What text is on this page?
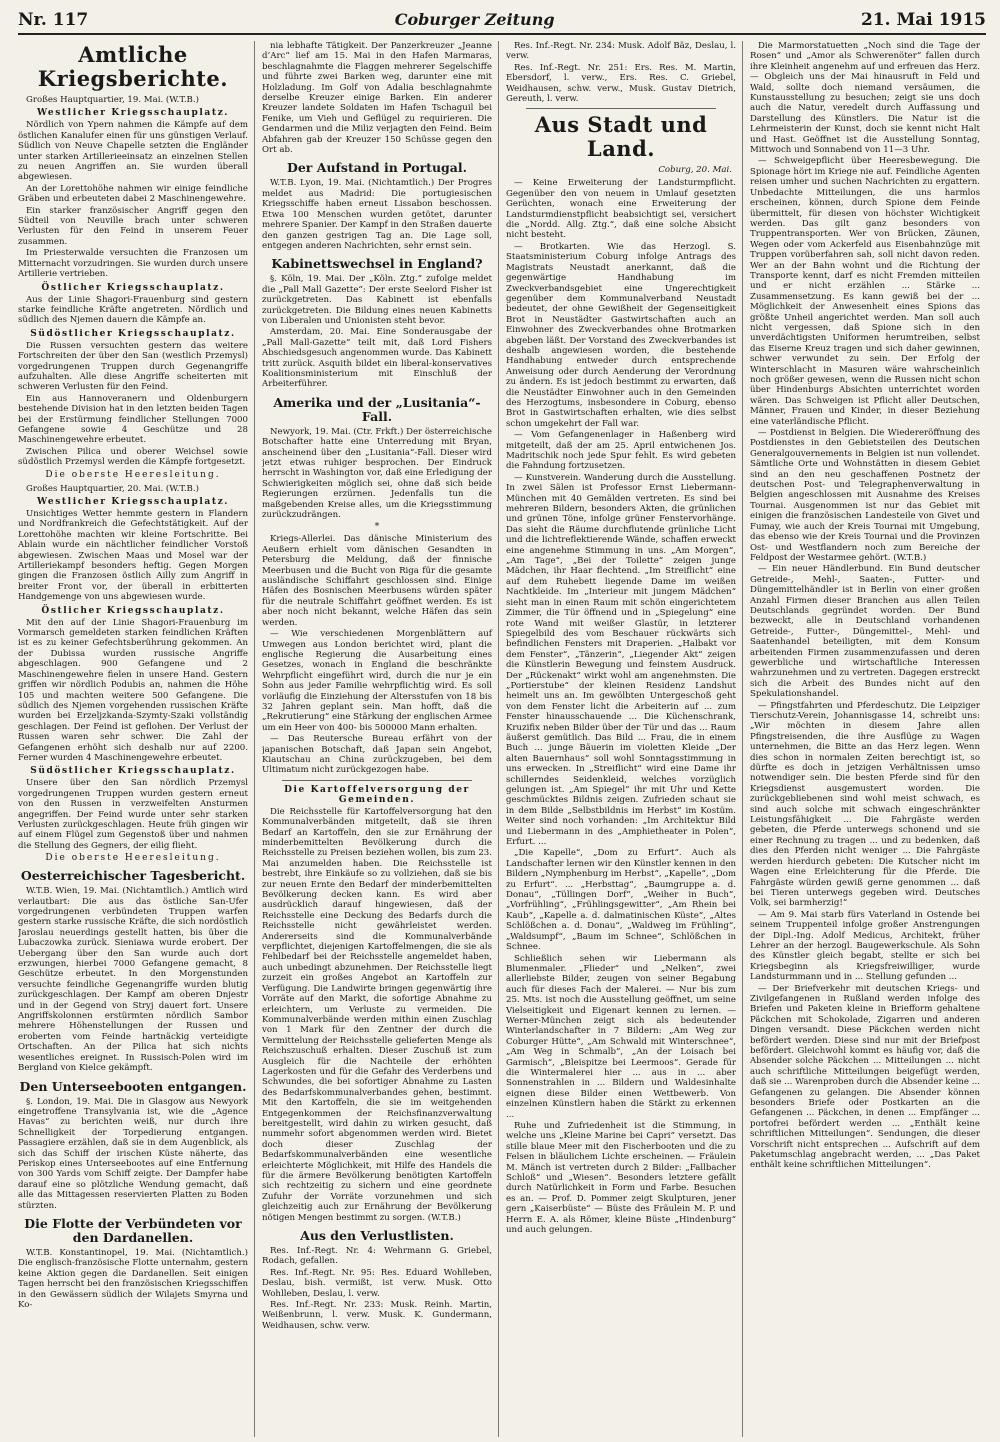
Nr. 117	Coburger Zeitung	21. Mai 1915
Amtliche Kriegsberichte.

Großes Hauptquartier, 19. Mai. (W.T.B.)

Westlicher Kriegsschauplatz.

Nördlich von Ypern nahmen die Kämpfe auf dem östlichen Kanalufer einen für uns günstigen Verlauf. Südlich von Neuve Chapelle setzten die Engländer unter starken Artillerieeinsatz an einzelnen Stellen zu neuen Angriffen an. Sie wurden überall abgewiesen.

An der Lorettohöhe nahmen wir einige feindliche Gräben und erbeuteten dabei 2 Maschinengewehre.

Ein starker französischer Angriff gegen den Südteil von Neuville brach unter schweren Verlusten für den Feind in unserem Feuer zusammen.

Im Priesterwalde versuchten die Franzosen um Mitternacht vorzudringen. Sie wurden durch unsere Artillerie vertrieben.

Östlicher Kriegsschauplatz.

Aus der Linie Shagori-Frauenburg sind gestern starke feindliche Kräfte angetreten. Nördlich und südlich des Njemen dauern die Kämpfe an.

Südöstlicher Kriegsschauplatz.

Die Russen versuchten gestern das weitere Fortschreiten der über den San (westlich Przemysl) vorgedrungenen Truppen durch Gegenangriffe aufzuhalten. Alle diese Angriffe scheiterten mit schweren Verlusten für den Feind.

Ein aus Hannoveranern und Oldenburgern bestehende Division hat in den letzten beiden Tagen bei der Erstürmung feindlicher Stellungen 7000 Gefangene sowie 4 Geschütze und 28 Maschinengewehre erbeutet.

Zwischen Pilica und oberer Weichsel sowie südöstlich Przemysl werden die Kämpfe fortgesetzt.

Die oberste Heeresleitung.

Großes Hauptquartier, 20. Mai. (W.T.B.)

Westlicher Kriegsschauplatz.

Unsichtiges Wetter hemmte gestern in Flandern und Nordfrankreich die Gefechtstätigkeit. Auf der Lorettohöhe machten wir kleine Fortschritte. Bei Ablain wurde ein nächtlicher feindlicher Vorstoß abgewiesen. Zwischen Maas und Mosel war der Artilleriekampf besonders heftig. Gegen Morgen gingen die Franzosen östlich Ailly zum Angriff in breiter Front vor, der überall in erbitterten Handgemenge von uns abgewiesen wurde.

Östlicher Kriegsschauplatz.

Mit den auf der Linie Shagori-Frauenburg im Vormarsch gemeldeten starken feindlichen Kräften ist es zu keiner Gefechtsberührung gekommen. An der Dubissa wurden russische Angriffe abgeschlagen. 900 Gefangene und 2 Maschinengewehre fielen in unsere Hand. Gestern griffen wir nördlich Podubis an, nahmen die Höhe 105 und machten weitere 500 Gefangene. Die südlich des Njemen vorgehenden russischen Kräfte wurden bei Erzeljzkanda-Szymty-Szaki vollständig geschlagen. Der Feind ist geflohen. Der Verlust der Russen waren sehr schwer. Die Zahl der Gefangenen erhöht sich deshalb nur auf 2200. Ferner wurden 4 Maschinengewehre erbeutet.

Südöstlicher Kriegsschauplatz.

Unsere über den San nördlich Przemysl vorgedrungenen Truppen wurden gestern erneut von den Russen in verzweifelten Ansturmen angegriffen. Der Feind wurde unter sehr starken Verlusten zurückgeschlagen. Heute früh gingen wir auf einem Flügel zum Gegenstoß über und nahmen die Stellung des Gegners, der eilig flieht.

Die oberste Heeresleitung.
Oesterreichischer Tagesbericht.

W.T.B. Wien, 19. Mai. (Nichtamtlich.) Amtlich wird verlautbart: Die aus das östliche San-Ufer vorgedrungenen verbündeten Truppen warfen gestern starke russische Kräfte, die sich nordöstlich Jaroslau neuerdings gestellt hatten, bis über die Lubaczowka zurück. Sieniawa wurde erobert. Der Uebergang über den San wurde auch dort erzwungen, hierbei 7000 Gefangene gemacht, 8 Geschütze erbeutet. In den Morgenstunden versuchte feindliche Gegenangriffe wurden blutig zurückgeschlagen. Der Kampf am oberen Dnjestr und in der Gegend von Stryj dauert fort. Unsere Angriffskolonnen erstürmten nördlich Sambor mehrere Höhenstellungen der Russen und eroberten vom Feinde hartnäckig verteidigte Ortschaften. An der Pilica hat sich nichts wesentliches ereignet. In Russisch-Polen wird im Bergland von Kielce gekämpft.

Den Unterseebooten entgangen.

§. London, 19. Mai. Die in Glasgow aus Newyork eingetroffene Transylvania ist, wie die „Agence Havas“ zu berichten weiß, nur durch ihre Schnelligkeit der Torpedierung entgangen. Passagiere erzählen, daß sie in dem Augenblick, als sich das Schiff der irischen Küste näherte, das Periskop eines Unterseebootes auf eine Entfernung von 300 Yards vom Schiff zeigte. Der Dampfer habe darauf eine so plötzliche Wendung gemacht, daß alle das Mittagessen reservierten Platten zu Boden stürzten.

Die Flotte der Verbündeten vor den Dardanellen.

W.T.B. Konstantinopel, 19. Mai. (Nichtamtlich.) Die englisch-französische Flotte unternahm, gestern keine Aktion gegen die Dardanellen. Seit einigen Tagen herrscht bei den französischen Kriegsschiffen in den Gewässern südlich der Wilajets Smyrna und Ko-

nia lebhafte Tätigkeit. Der Panzerkreuzer „Jeanne d’Arc“ lief am 15. Mai in den Hafen Marmaras, beschlagnahmte die Flaggen mehrerer Segelschiffe und führte zwei Barken weg, darunter eine mit Holzladung. Im Golf von Adalia beschlagnahmte derselbe Kreuzer einige Barken. Ein anderer Kreuzer landete Soldaten im Hafen Tschaguil bei Fenike, um Vieh und Geflügel zu requirieren. Die Gendarmen und die Miliz verjagten den Feind. Beim Abfahren gab der Kreuzer 150 Schüsse gegen den Ort ab.

Der Aufstand in Portugal.

W.T.B. Lyon, 19. Mai. (Nichtamtlich.) Der Progres meldet aus Madrid: Die portugiesischen Kriegsschiffe haben erneut Lissabon beschossen. Etwa 100 Menschen wurden getötet, darunter mehrere Spanier. Der Kampf in den Straßen dauerte den ganzen gestrigen Tag an. Die Lage soll, entgegen anderen Nachrichten, sehr ernst sein.

Kabinettswechsel in England?

§. Köln, 19. Mai. Der „Köln. Ztg.“ zufolge meldet die „Pall Mall Gazette“: Der erste Seelord Fisher ist zurückgetreten. Das Kabinett ist ebenfalls zurückgetreten. Die Bildung eines neuen Kabinetts von Liberalen und Unionisten steht bevor.

Amsterdam, 20. Mai. Eine Sonderausgabe der „Pall Mall-Gazette“ teilt mit, daß Lord Fishers Abschiedsgesuch angenommen wurde. Das Kabinett tritt zurück. Asquith bildet ein liberal-konservatives Koalitionsministerium mit Einschluß der Arbeiterführer.

Amerika und der „Lusitania“-Fall.

Newyork, 19. Mai. (Ctr. Frkft.) Der österreichische Botschafter hatte eine Unterredung mit Bryan, anscheinend über den „Lusitania“-Fall. Dieser wird jetzt etwas ruhiger besprochen. Der Eindruck herrscht in Washington vor, daß eine Erledigung der Schwierigkeiten möglich sei, ohne daß sich beide Regierungen erzürnen. Jedenfalls tun die maßgebenden Kreise alles, um die Kriegsstimmung zurückzudrängen.

*

Kriegs-Allerlei. Das dänische Ministerium des Aeußern erhielt vom dänischen Gesandten in Petersburg die Meldung, daß der finnische Meerbusen und die Bucht von Riga für die gesamte ausländische Schiffahrt geschlossen sind. Einige Häfen des Bosnischen Meerbusens würden später für die neutrale Schiffahrt geöffnet werden. Es ist aber noch nicht bekannt, welche Häfen das sein werden.

— Wie verschiedenen Morgenblättern auf Umwegen aus London berichtet wird, plant die englische Regierung die Ausarbeitung eines Gesetzes, wonach in England die beschränkte Wehrpflicht eingeführt wird, durch die nur je ein Sohn aus jeder Familie wehrpflichtig wird. Es soll vorläufig die Einziehung der Altersstufen von 18 bis 32 Jahren geplant sein. Man hofft, daß die „Rekrutierung“ eine Stärkung der englischen Armee um ein Heer von 400- bis 500000 Mann erhalten.

— Das Reutersche Bureau erfährt von der japanischen Botschaft, daß Japan sein Angebot, Kiautschau an China zurückzugeben, bei dem Ultimatum nicht zurückgezogen habe.

Die Kartoffelversorgung der Gemeinden.

Die Reichsstelle für Kartoffelversorgung hat den Kommunalverbänden mitgeteilt, daß sie ihren Bedarf an Kartoffeln, den sie zur Ernährung der minderbemittelten Bevölkerung durch die Reichsstelle zu Preisen beziehen wollen, bis zum 23. Mai anzumelden haben. Die Reichsstelle ist bestrebt, ihre Einkäufe so zu vollziehen, daß sie bis zur neuen Ernte den Bedarf der minderbemittelten Bevölkerung decken kann. Es wird aber ausdrücklich darauf hingewiesen, daß der Reichsstelle eine Deckung des Bedarfs durch die Reichsstelle nicht gewährleistet werden. Andererseits sind die Kommunalverbände verpflichtet, diejenigen Kartoffelmengen, die sie als Fehlbedarf bei der Reichsstelle angemeldet haben, auch unbedingt abzunehmen. Der Reichsstelle liegt zurzeit ein großes Angebot an Kartoffeln zur Verfügung. Die Landwirte bringen gegenwärtig ihre Vorräte auf den Markt, die sofortige Abnahme zu erleichtern, um Verluste zu vermeiden. Die Kommunalverbände werden mithin einen Zuschlag von 1 Mark für den Zentner der durch die Vermittelung der Reichsstelle gelieferten Menge als Reichszuschuß erhalten. Dieser Zuschuß ist zum Ausgleich für die Nachteile der erhöhten Lagerkosten und für die Gefahr des Verderbens und Schwundes, die bei sofortiger Abnahme zu Lasten des Bedarfskommunalverbandes gehen, bestimmt. Mit den Kartoffeln, die sie im weitgehenden Entgegenkommen der Reichsfinanzverwaltung bereitgestellt, wird dahin zu wirken gesucht, daß nummehr sofort abgenommen werden wird. Bietet doch dieser Zuschlag der Bedarfskommunalverbänden eine wesentliche erleichterte Möglichkeit, mit Hilfe des Handels die für die ärmere Bevölkerung benötigten Kartoffeln sich rechtzeitig zu sichern und eine geordnete Zufuhr der Vorräte vorzunehmen und sich gleichzeitig auch zur Ernährung der Bevölkerung nötigen Mengen bestimmt zu sorgen. (W.T.B.)

Aus den Verlustlisten.

Res. Inf.-Regt. Nr. 4: Wehrmann G. Griebel, Rodach, gefallen.

Res. Inf.-Regt. Nr. 95: Res. Eduard Wohlleben, Deslau, bish. vermißt, ist verw. Musk. Otto Wohlleben, Deslau, l. verw.

Res. Inf.-Regt. Nr. 233: Musk. Reinh. Martin, Weißenbrunn, l. verw. Musk. K. Gundermann, Weidhausen, schw. verw.

Res. Inf.-Regt. Nr. 234: Musk. Adolf Bäz, Deslau, l. verw.

Res. Inf.-Regt. Nr. 251: Ers. Res. M. Martin, Ebersdorf, l. verw., Ers. Res. C. Griebel, Weidhausen, schw. verw., Musk. Gustav Dietrich, Gereuth, l. verw.

Aus Stadt und Land.
Coburg, 20. Mai.

— Keine Erweiterung der Landsturmpflicht. Gegenüber den von neuem in Umlauf gesetzten Gerüchten, wonach eine Erweiterung der Landsturmdienstpflicht beabsichtigt sei, versichert die „Nordd. Allg. Ztg.“, daß eine solche Absicht nicht besteht.

— Brotkarten. Wie das Herzogl. S. Staatsministerium Coburg infolge Antrags des Magistrats Neustadt anerkannt, daß die gegenwärtige Handhabung im Zweckverbandsgebiet eine Ungerechtigkeit gegenüber dem Kommunalverband Neustadt bedeutet, der ohne Gewißheit der Gegenseitigkeit Brot in Neustädter Gastwirtschaften auch an Einwohner des Zweckverbandes ohne Brotmarken abgeben läßt. Der Vorstand des Zweckverbandes ist deshalb angewiesen worden, die bestehende Handhabung entweder durch entsprechende Anweisung oder durch Aenderung der Verordnung zu ändern. Es ist jedoch bestimmt zu erwarten, daß die Neustädter Einwohner auch in den Gemeinden des Herzogtums, insbesondere in Coburg, ebenso Brot in Gastwirtschaften erhalten, wie dies selbst schon umgekehrt der Fall war.

— Vom Gefangenenlager in Haßenberg wird mitgeteilt, daß der am 25. April entwichenen Jos. Madritschik noch jede Spur fehlt. Es wird gebeten die Fahndung fortzusetzen.

— Kunstverein. Wanderung durch die Ausstellung. In zwei Sälen ist Professor Ernst Liebermann-München mit 40 Gemälden vertreten. Es sind bei mehreren Bildern, besonders Akten, die grünlichen und grünen Töne, infolge grüner Fenstervorhänge. Das sieht die Räume durchflutende grünliche Licht und die lichtreflektierende Wände, schaffen erweckt eine angenehme Stimmung in uns. „Am Morgen“, „Am Tage“, „Bei der Toilette“ zeigen junge Mädchen, ihr Haar flechtend. „Im Streiflicht“ eine auf dem Ruhebett liegende Dame im weißen Nachtkleide. Im „Interieur mit jungem Mädchen“ sieht man in einen Raum mit schön eingerichtetem Zimmer, die Tür öffnend und in „Spiegelung“ eine rote Wand mit weißer Glastür, in letzterer Spiegelbild des vom Beschauer rückwärts sich befindlichen Fensters mit Draperien. „Halbakt vor dem Fenster“, „Tänzerin“, „Liegender Akt“ zeigen die Künstlerin Bewegung und feinstem Ausdruck. Der „Rückenakt“ wirkt wohl am angenehmsten. Die „Portierstube“ der kleinen Residenz Landshut heimelt uns an. Im gewölbten Untergeschoß geht von dem Fenster licht die Arbeiterin auf ... zum Fenster hinausschauende ... Die Küchenschrank, Kruzifix neben Bilder über der Tür und das ... Raum äußerst gemütlich. Das Bild ... Frau, die in einem Buch ... junge Bäuerin im violetten Kleide „Der alten Bauernhaus“ soll wohl Sonntagsstimmung in uns erwecken. In „Streiflicht“ wird eine Dame ihr schillerndes Seidenkleid, welches vorzüglich gelungen ist. „Am Spiegel“ ihr mit Uhr und Kette geschmücktes Bildnis zeigen. Zufrieden schaut sie in dem Bilde „Selbstbildnis im Herbst“ im Kostüm. Weiter sind noch vorhanden: „Im Architektur Bild und Liebermann in des „Amphietheater in Polen“, Erfurt. ...

„Die Kapelle“, „Dom zu Erfurt“. Auch als Landschafter lernen wir den Künstler kennen in den Bildern „Nymphenburg im Herbst“, „Kapelle“, „Dom zu Erfurt“. ... „Herbsttag“, „Baumgruppe a. d. Donau“, „Tüllingen Dorf“, „Weiher in Buch“, „Vorfrühling“, „Frühlingsgewitter“, „Am Rhein bei Kaub“, „Kapelle a. d. dalmatinischen Küste“, „Altes Schlößchen a. d. Donau“, „Waldweg im Frühling“, „Waldsumpf“, „Baum im Schnee“, Schlößchen in Schnee.

Schließlich sehen wir Liebermann als Blumenmaler. „Flieder“ und „Nelken“, zwei allerliebste Bilder, zeugen von seiner Begabung auch für dieses Fach der Malerei. — Nur bis zum 25. Mts. ist noch die Ausstellung geöffnet, um seine Vielseitigkeit und Eigenart kennen zu lernen. — Werner-München zeigt sich als bedeutender Winterlandschafter in 7 Bildern: „Am Weg zur Coburger Hütte“, „Am Schwald mit Winterschnee“, „Am Weg in Schmalb“, „An der Loisach bei Garmisch“, „Bleispitze bei Leermoos“. Gerade für die Wintermalerei hier ... aus in ... aber Sonnenstrahlen in ... Bildern und Waldesinhalte eignen diese Bilder einen Wettbewerb. Von einzelnen Künstlern haben die Stärkt zu erkennen ...

Ruhe und Zufriedenheit ist die Stimmung, in welche uns „Kleine Marine bei Capri“ versetzt. Das stille blaue Meer mit den Fischerbooten und die zu Felsen in bläulichem Lichte erscheinen. — Fräulein M. Mänch ist vertreten durch 2 Bilder: „Fallbacher Schloß“ und „Wiesen“. Besonders letztere gefällt durch Natürlichkeit in Form und Farbe. Besuchen es an. — Prof. D. Pommer zeigt Skulpturen, jener gern „Kaiserbüste“ — Büste des Fräulein M. P. und Herrn E. A. als Römer, kleine Büste „Hindenburg“ und auch gelungen.

Die Marmorstatuetten „Noch sind die Tage der Rosen“ und „Amor als Schwerenöter“ fallen durch ihre Kleinheit angenehm auf und erfreuen das Herz. — Obgleich uns der Mai hinausruft in Feld und Wald, sollte doch niemand versäumen, die Kunstausstellung zu besuchen; zeigt sie uns doch auch die Natur, veredelt durch Auffassung und Darstellung des Künstlers. Die Natur ist die Lehrmeisterin der Kunst, doch sie kennt nicht Halt und Hast. Geöffnet ist die Ausstellung Sonntag, Mittwoch und Sonnabend von 11—3 Uhr.

— Schweigepflicht über Heeresbewegung. Die Spionage hört im Kriege nie auf. Feindliche Agenten reisen umher und suchen Nachrichten zu ergattern. Unbedachte Mitteilungen, die uns harmlos erscheinen, können, durch Spione dem Feinde übermittelt, für diesen von höchster Wichtigkeit werden. Das gilt ganz besonders von Truppentransporten. Wer von Brücken, Zäunen, Wegen oder vom Ackerfeld aus Eisenbahnzüge mit Truppen vorüberfahren sah, soll nicht davon reden. Wer an der Bahn wohnt und die Richtung der Transporte kennt, darf es nicht Fremden mitteilen und er nicht erzählen ... Stärke ... Zusammensetzung. Es kann gewiß bei der ... Möglichkeit der Anwesenheit eines Spions das größte Unheil angerichtet werden. Man soll auch nicht vergessen, daß Spione sich in den unverdächtigsten Uniformen herumtreiben, selbst das Eiserne Kreuz tragen und sich daher gewinnen, schwer verwundet zu sein. Der Erfolg der Winterschlacht in Masuren wäre wahrscheinlich noch größer gewesen, wenn die Russen nicht schon über Hindenburgs Absichten unterrichtet worden wären. Das Schweigen ist Pflicht aller Deutschen, Männer, Frauen und Kinder, in dieser Beziehung eine vaterländische Pflicht.

— Postdienst in Belgien. Die Wiedereröffnung des Postdienstes in den Gebietsteilen des Deutschen Generalgouvernements in Belgien ist nun vollendet. Sämtliche Orte und Wohnstätten in diesem Gebiet sind an den neu geschaffenen Postnetz der deutschen Post- und Telegraphenverwaltung in Belgien angeschlossen mit Ausnahme des Kreises Tournai. Ausgenommen ist nur das Gebiet mit einigen die französischen Landesteile von Givet und Fumay, wie auch der Kreis Tournai mit Umgebung, das ebenso wie der Kreis Tournai und die Provinzen Ost- und Westflandern noch zum Bereiche der Feldpost der Westarmee gehört. (W.T.B.)

— Ein neuer Händlerbund. Ein Bund deutscher Getreide-, Mehl-, Saaten-, Futter- und Düngemittelhändler ist in Berlin von einer großen Anzahl Firmen dieser Branchen aus allen Teilen Deutschlands gegründet worden. Der Bund bezweckt, alle in Deutschland vorhandenen Getreide-, Futter-, Düngemittel-, Mehl- und Saatenhandel beteiligten, mit dem Konsum arbeitenden Firmen zusammenzufassen und deren gewerbliche und wirtschaftliche Interessen wahrzunehmen und zu vertreten. Dagegen erstreckt sich die Arbeit des Bundes nicht auf den Spekulationshandel.

— Pfingstfahrten und Pferdeschutz. Die Leipziger Tierschutz-Verein, Johannisgasse 14, schreibt uns: „Wir möchten in diesem Jahre allen Pfingstreisenden, die ihre Ausflüge zu Wagen unternehmen, die Bitte an das Herz legen. Wenn dies schon in normalen Zeiten berechtigt ist, so dürfte es doch in jetzigen Verhältnissen umso notwendiger sein. Die besten Pferde sind für den Kriegsdienst ausgemustert worden. Die zurückgebliebenen sind wohl meist schwach, es sind auch solche mit schwach eingeschränkter Leistungsfähigkeit ... Die Fahrgäste werden gebeten, die Pferde unterwegs schonend und sie einer Rechnung zu tragen ... und zu bedenken, daß dies den Pferden nicht weniger ... Die Fahrgäste werden hierdurch gebeten: Die Kutscher nicht im Wagen eine Erleichterung für die Pferde. Die Fahrgäste würden gewiß gerne genommen ... daß bei Tieren unterwegs gegeben wird. Deutsches Volk, sei barmherzig!“

— Am 9. Mai starb fürs Vaterland in Ostende bei seinem Truppenteil infolge großer Anstrengungen der Dipl.-Ing. Adolf Medicus, Architekt, früher Lehrer an der herzogl. Baugewerkschule. Als Sohn des Künstler gleich begabt, stellte er sich bei Kriegsbeginn als Kriegsfreiwilliger, wurde Landsturmmann und in ... Stellung gefunden ...

— Der Briefverkehr mit deutschen Kriegs- und Zivilgefangenen in Rußland werden infolge des Briefen und Paketen kleine in Briefform gehaltene Päckchen mit Schokolade, Zigarren und anderen Dingen versandt. Diese Päckchen werden nicht befördert werden. Diese sind nur mit der Briefpost befördert. Gleichwohl kommt es häufig vor, daß die Absender solche Päckchen ... Mitteilungen ... nicht auch schriftliche Mitteilungen beigefügt werden, daß sie ... Warenproben durch die Absender keine ... Gefangenen zu gelangen. Die Absender können besonders Briefe oder Postkarten an die Gefangenen ... Päckchen, in denen ... Empfänger ... portofrei befördert werden ... „Enthält keine schriftlichen Mitteilungen“. Sendungen, die dieser Vorschrift nicht entsprechen ... Aufschrift auf dem Paketumschlag angebracht werden, ... „Das Paket enthält keine schriftlichen Mitteilungen“.
